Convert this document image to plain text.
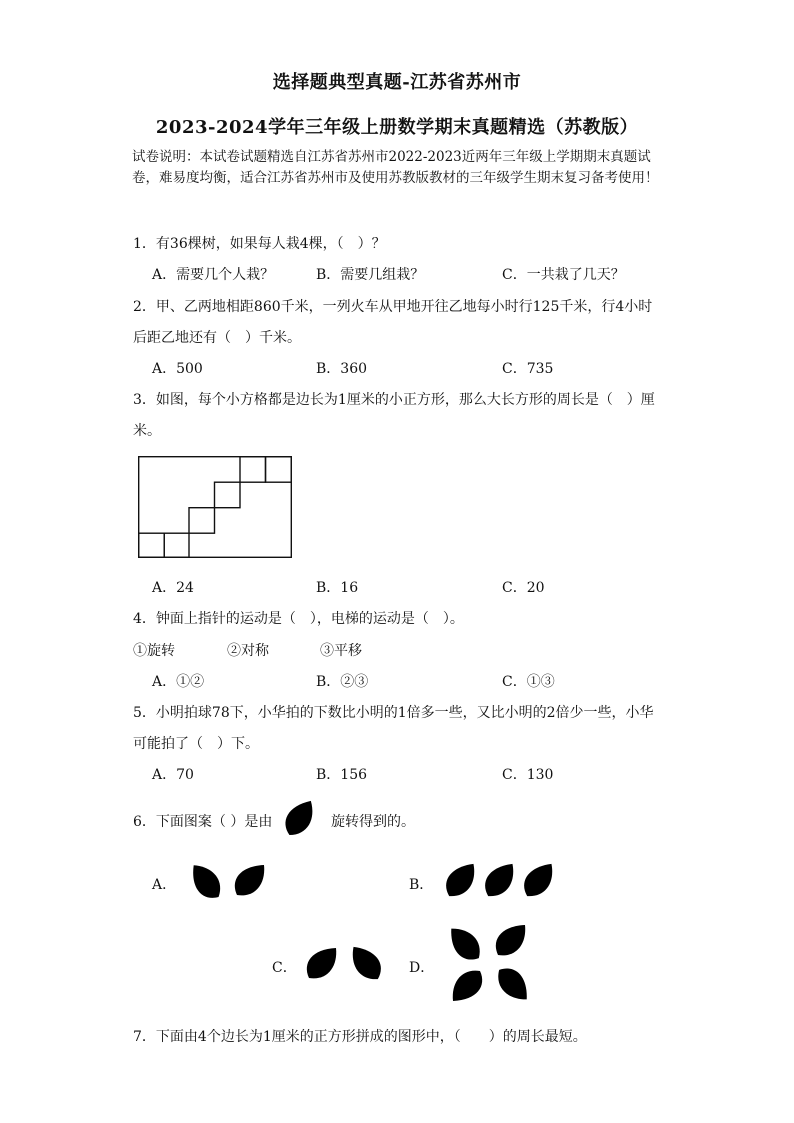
选择题典型真题-江苏省苏州市
2023-2024学年三年级上册数学期末真题精选（苏教版）
试卷说明：本试卷试题精选自江苏省苏州市2022-2023近两年三年级上学期期末真题试
卷，难易度均衡，适合江苏省苏州市及使用苏教版教材的三年级学生期末复习备考使用！
1．有36棵树，如果每人栽4棵，（　）？
A．需要几个人栽？	B．需要几组栽？	C．一共栽了几天？
2．甲、乙两地相距860千米，一列火车从甲地开往乙地每小时行125千米，行4小时
后距乙地还有（　）千米。
A．500	B．360	C．735
3．如图，每个小方格都是边长为1厘米的小正方形，那么大长方形的周长是（　）厘
米。
A．24	B．16	C．20
4．钟面上指针的运动是（　），电梯的运动是（　）。
①旋转	②对称	③平移
A．①②	B．②③	C．①③
5．小明拍球78下，小华拍的下数比小明的1倍多一些，又比小明的2倍少一些，小华
可能拍了（　）下。
A．70	B．156	C．130
6．下面图案（ ）是由	旋转得到的。
A．	B．
C．	D．
7．下面由4个边长为1厘米的正方形拼成的图形中，（　　）的周长最短。
